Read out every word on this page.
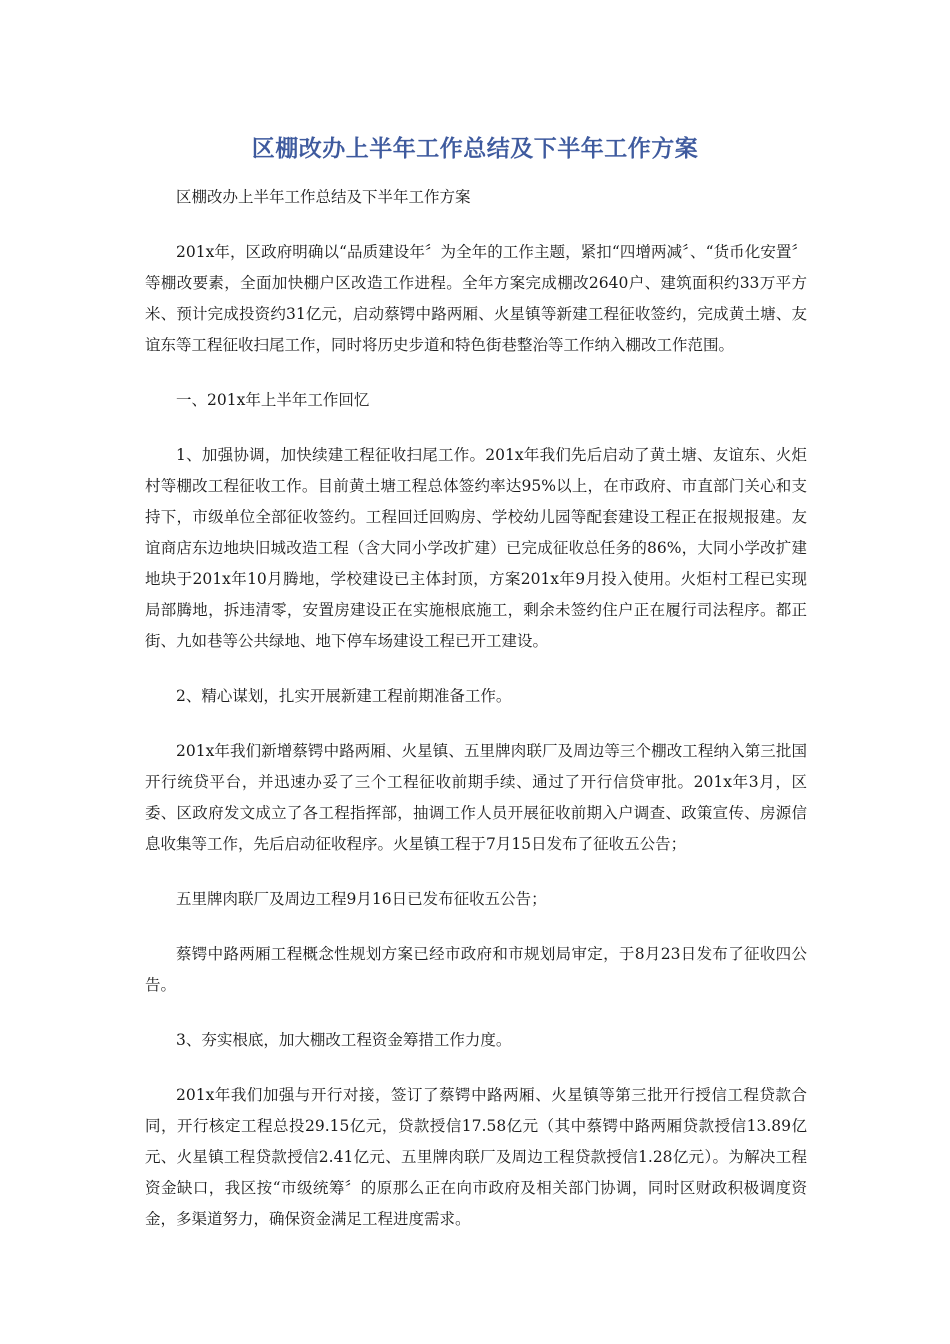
区棚改办上半年工作总结及下半年工作方案

区棚改办上半年工作总结及下半年工作方案

201x年，区政府明确以“品质建设年〞为全年的工作主题，紧扣“四增两减〞、“货币化安置〞等棚改要素，全面加快棚户区改造工作进程。全年方案完成棚改2640户、建筑面积约33万平方米、预计完成投资约31亿元，启动蔡锷中路两厢、火星镇等新建工程征收签约，完成黄土塘、友谊东等工程征收扫尾工作，同时将历史步道和特色街巷整治等工作纳入棚改工作范围。

一、201x年上半年工作回忆

1、加强协调，加快续建工程征收扫尾工作。201x年我们先后启动了黄土塘、友谊东、火炬村等棚改工程征收工作。目前黄土塘工程总体签约率达95%以上，在市政府、市直部门关心和支持下，市级单位全部征收签约。工程回迁回购房、学校幼儿园等配套建设工程正在报规报建。友谊商店东边地块旧城改造工程（含大同小学改扩建）已完成征收总任务的86%，大同小学改扩建地块于201x年10月腾地，学校建设已主体封顶，方案201x年9月投入使用。火炬村工程已实现局部腾地，拆违清零，安置房建设正在实施根底施工，剩余未签约住户正在履行司法程序。都正街、九如巷等公共绿地、地下停车场建设工程已开工建设。

2、精心谋划，扎实开展新建工程前期准备工作。

201x年我们新增蔡锷中路两厢、火星镇、五里牌肉联厂及周边等三个棚改工程纳入第三批国开行统贷平台，并迅速办妥了三个工程征收前期手续、通过了开行信贷审批。201x年3月，区委、区政府发文成立了各工程指挥部，抽调工作人员开展征收前期入户调查、政策宣传、房源信息收集等工作，先后启动征收程序。火星镇工程于7月15日发布了征收五公告；

五里牌肉联厂及周边工程9月16日已发布征收五公告；

蔡锷中路两厢工程概念性规划方案已经市政府和市规划局审定，于8月23日发布了征收四公告。

3、夯实根底，加大棚改工程资金筹措工作力度。

201x年我们加强与开行对接，签订了蔡锷中路两厢、火星镇等第三批开行授信工程贷款合同，开行核定工程总投29.15亿元，贷款授信17.58亿元（其中蔡锷中路两厢贷款授信13.89亿元、火星镇工程贷款授信2.41亿元、五里牌肉联厂及周边工程贷款授信1.28亿元）。为解决工程资金缺口，我区按“市级统筹〞的原那么正在向市政府及相关部门协调，同时区财政积极调度资金，多渠道努力，确保资金满足工程进度需求。
